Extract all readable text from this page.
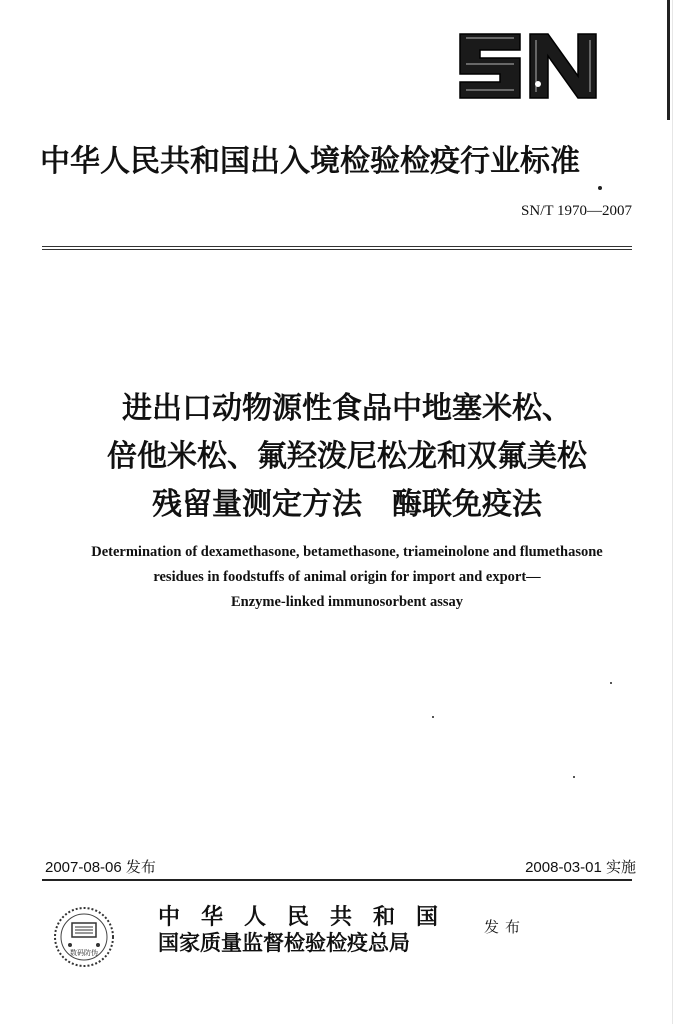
中华人民共和国出入境检验检疫行业标准
SN/T 1970—2007
进出口动物源性食品中地塞米松、
倍他米松、氟羟泼尼松龙和双氟美松
残留量测定方法　酶联免疫法
Determination of dexamethasone, betamethasone, triameinolone and flumethasone
residues in foodstuffs of animal origin for import and export—
Enzyme-linked immunosorbent assay
2007-08-06 发布	2008-03-01 实施
数码防伪
中华人民共和国
国家质量监督检验检疫总局
发布
